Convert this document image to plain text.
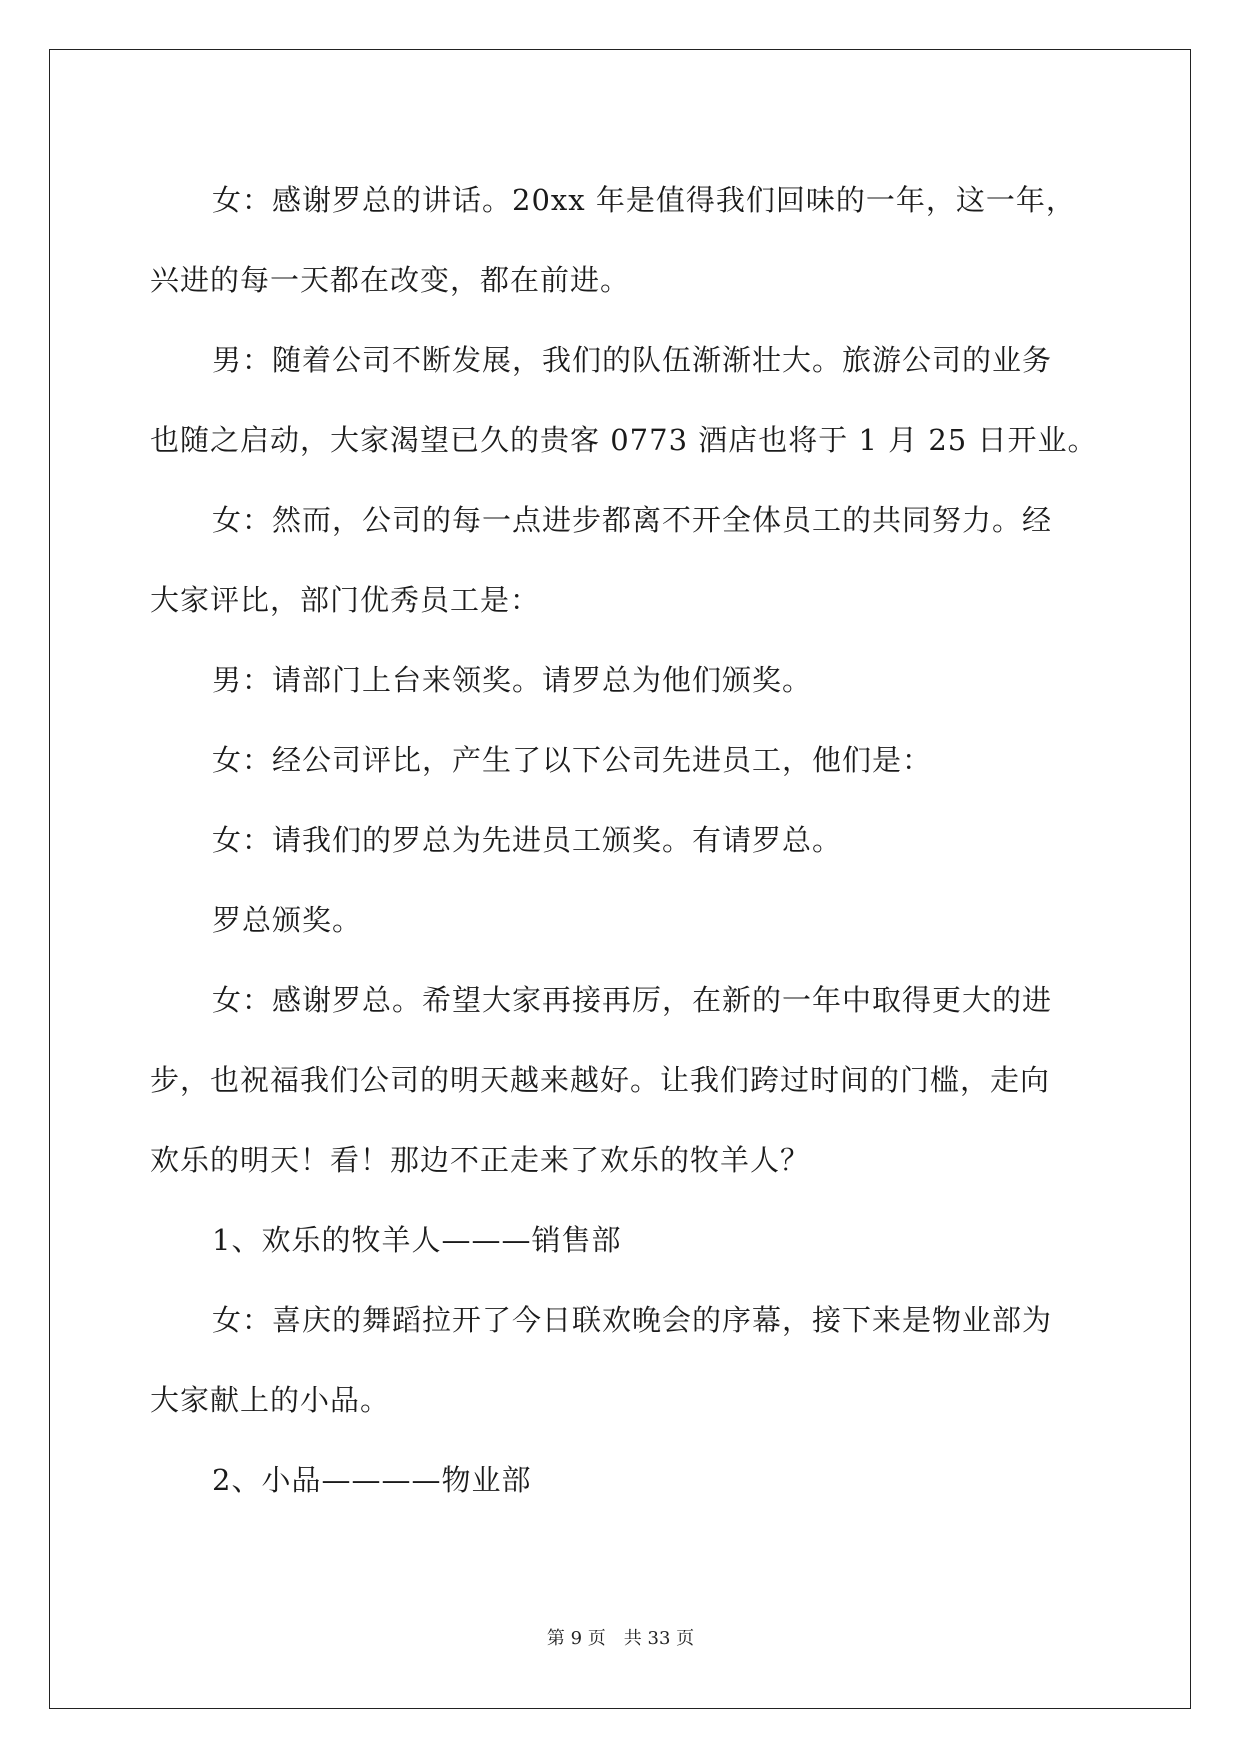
女：感谢罗总的讲话。20xx 年是值得我们回味的一年，这一年，
兴进的每一天都在改变，都在前进。

男：随着公司不断发展，我们的队伍渐渐壮大。旅游公司的业务
也随之启动，大家渴望已久的贵客 0773 酒店也将于 1 月 25 日开业。

女：然而，公司的每一点进步都离不开全体员工的共同努力。经
大家评比，部门优秀员工是：

男：请部门上台来领奖。请罗总为他们颁奖。

女：经公司评比，产生了以下公司先进员工，他们是：

女：请我们的罗总为先进员工颁奖。有请罗总。

罗总颁奖。

女：感谢罗总。希望大家再接再厉，在新的一年中取得更大的进
步，也祝福我们公司的明天越来越好。让我们跨过时间的门槛，走向
欢乐的明天！看！那边不正走来了欢乐的牧羊人？

1、欢乐的牧羊人———销售部

女：喜庆的舞蹈拉开了今日联欢晚会的序幕，接下来是物业部为
大家献上的小品。

2、小品————物业部

第 9 页 共 33 页
